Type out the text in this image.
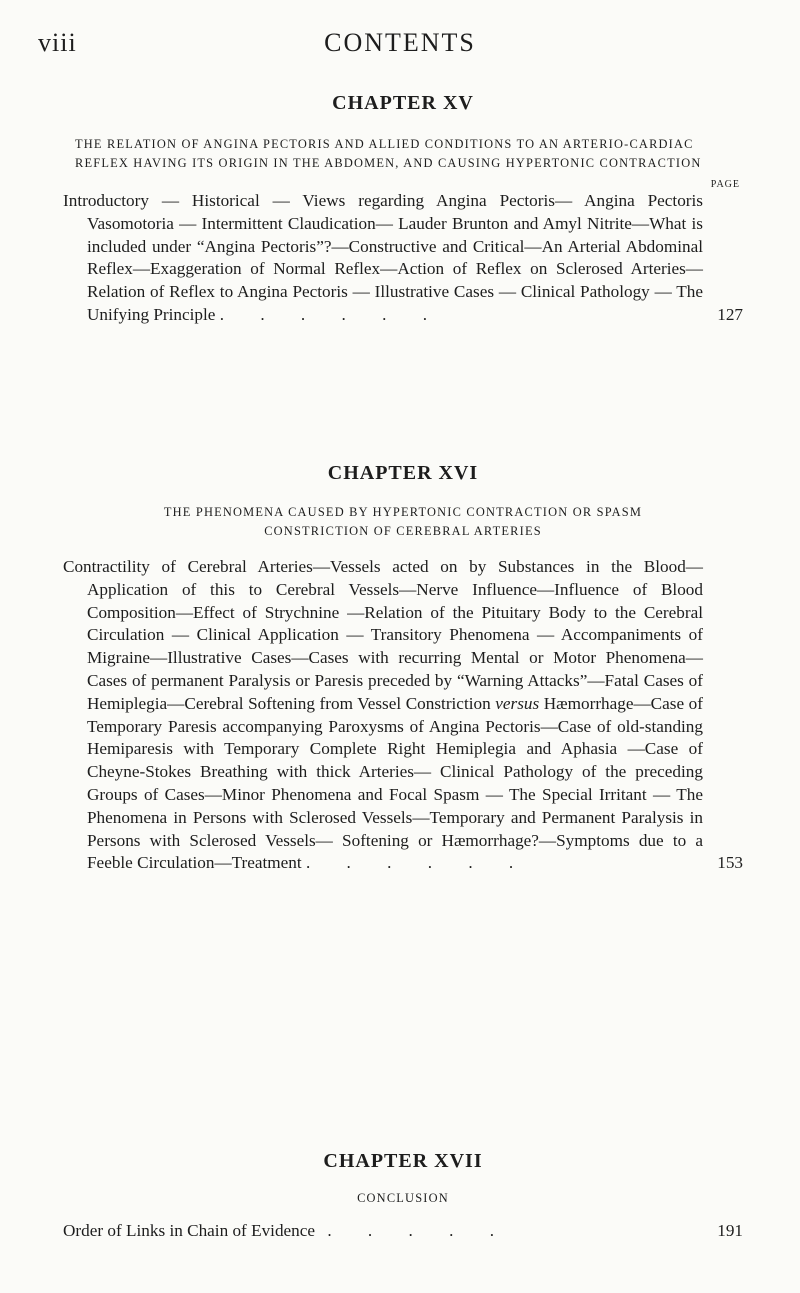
viii	CONTENTS
CHAPTER XV

THE RELATION OF ANGINA PECTORIS AND ALLIED CONDITIONS TO AN ARTERIO-CARDIAC REFLEX HAVING ITS ORIGIN IN THE ABDOMEN, AND CAUSING HYPERTONIC CONTRACTION

PAGE

Introductory — Historical — Views regarding Angina Pectoris— Angina Pectoris Vasomotoria — Intermittent Claudication— Lauder Brunton and Amyl Nitrite—What is included under “Angina Pectoris”?—Constructive and Critical—An Arterial Abdominal Reflex—Exaggeration of Normal Reflex—Action of Reflex on Sclerosed Arteries—Relation of Reflex to Angina Pectoris — Illustrative Cases — Clinical Pathology — The Unifying Principle . . . . . .	127
CHAPTER XVI

THE PHENOMENA CAUSED BY HYPERTONIC CONTRACTION OR SPASM CONSTRICTION OF CEREBRAL ARTERIES

Contractility of Cerebral Arteries—Vessels acted on by Substances in the Blood—Application of this to Cerebral Vessels—Nerve Influence—Influence of Blood Composition—Effect of Strychnine —Relation of the Pituitary Body to the Cerebral Circulation — Clinical Application — Transitory Phenomena — Accompaniments of Migraine—Illustrative Cases—Cases with recurring Mental or Motor Phenomena—Cases of permanent Paralysis or Paresis preceded by “Warning Attacks”—Fatal Cases of Hemiplegia—Cerebral Softening from Vessel Constriction versus Hæmorrhage—Case of Temporary Paresis accompanying Paroxysms of Angina Pectoris—Case of old-standing Hemiparesis with Temporary Complete Right Hemiplegia and Aphasia —Case of Cheyne-Stokes Breathing with thick Arteries— Clinical Pathology of the preceding Groups of Cases—Minor Phenomena and Focal Spasm — The Special Irritant — The Phenomena in Persons with Sclerosed Vessels—Temporary and Permanent Paralysis in Persons with Sclerosed Vessels— Softening or Hæmorrhage?—Symptoms due to a Feeble Circulation—Treatment . . . . . .	153
CHAPTER XVII

CONCLUSION

Order of Links in Chain of Evidence . . . . .	191
